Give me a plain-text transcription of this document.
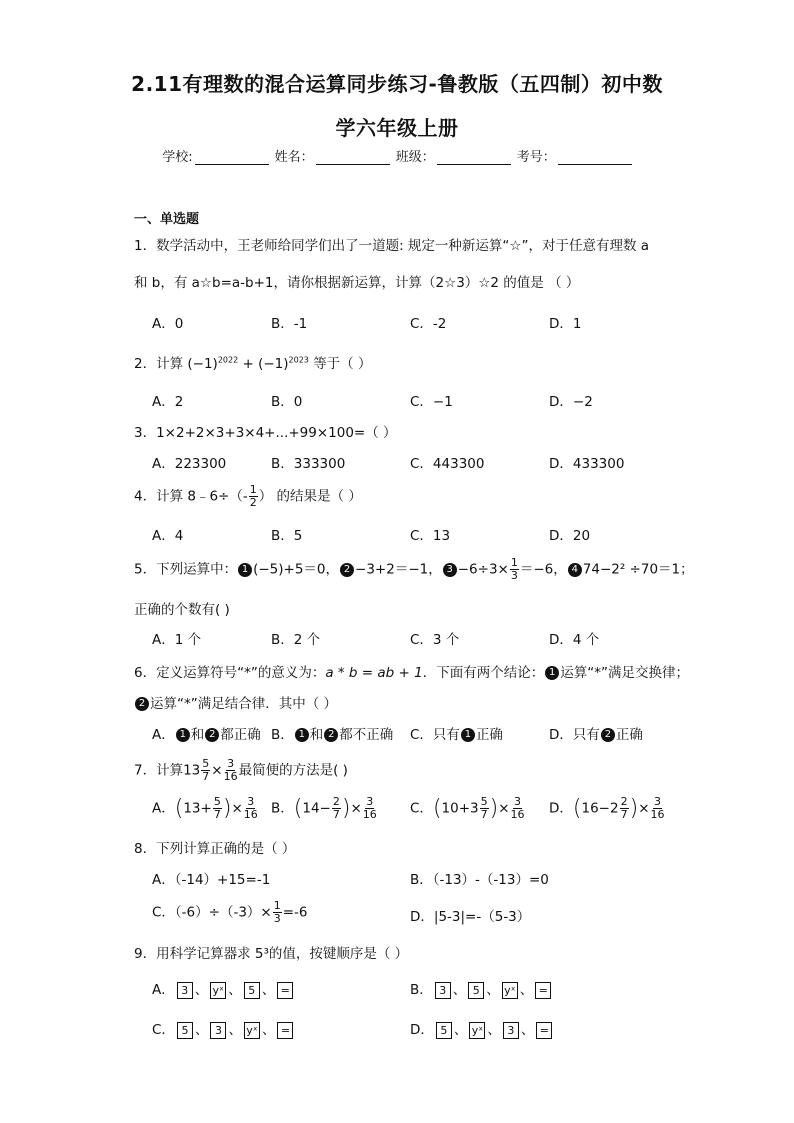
2.11有理数的混合运算同步练习-鲁教版（五四制）初中数
学六年级上册
学校:	姓名：	班级：	考号：
一、单选题
1．数学活动中，王老师给同学们出了一道题: 规定一种新运算“☆”，对于任意有理数 a
和 b，有 a☆b=a-b+1，请你根据新运算，计算（2☆3）☆2 的值是 （ ）
A．0	B．-1	C．-2	D．1
2．计算 $(-1)^{2022} + (-1)^{2023}$ 等于（ ）
A．2	B．0	C．−1	D．−2
3．1×2+2×3+3×4+...+99×100=（ ）
A．223300	B．333300	C．443300	D．433300
4．计算 8﹣6÷（- $\frac{1}{2}$ ） 的结果是（ ）
A．4	B．5	C．13	D．20
5．下列运算中： 1 (−5)+5＝0， 2 −3+2＝−1， $3 -6\div 3\times \frac{1}{3} =-6$， 4 74−2² ÷70＝1；
正确的个数有( )
A．1 个	B．2 个	C．3 个	D．4 个
6．定义运算符号“*”的意义为：a * b = ab + 1．下面有两个结论： 1 运算“*”满足交换律；
2 运算“*”满足结合律．其中（ ）
A． 1 和 2 都正确 B． 1 和 2 都不正确 C．只有 1 正确	D．只有 2 正确
7．计算$13 \frac{5}{7} \times \frac{3}{16}$ 最简便的方法是( )
A．($13+ \frac{5}{7}$ )× $\frac{3}{16}$ B．($14- \frac{2}{7}$ )× $\frac{3}{16}$ C．($10+3 \frac{5}{7}$ )× $\frac{3}{16}$ D．($16-2 \frac{2}{7}$ )× $\frac{3}{16}$
8．下列计算正确的是（ ）
A．（-14）+15=-1	B．（-13）-（-13）=0
C．$(-6)\div(-3)\times \frac{1}{3} =-6$	D．|5-3|=-（5-3）
9．用科学记算器求 5³的值，按键顺序是（ ）
A． 3 、 yˣ 、 5 、 =	B． 3 、 5 、 yˣ 、 =
C． 5 、 3 、 yˣ 、 =	D． 5 、 yˣ 、 3 、 =
